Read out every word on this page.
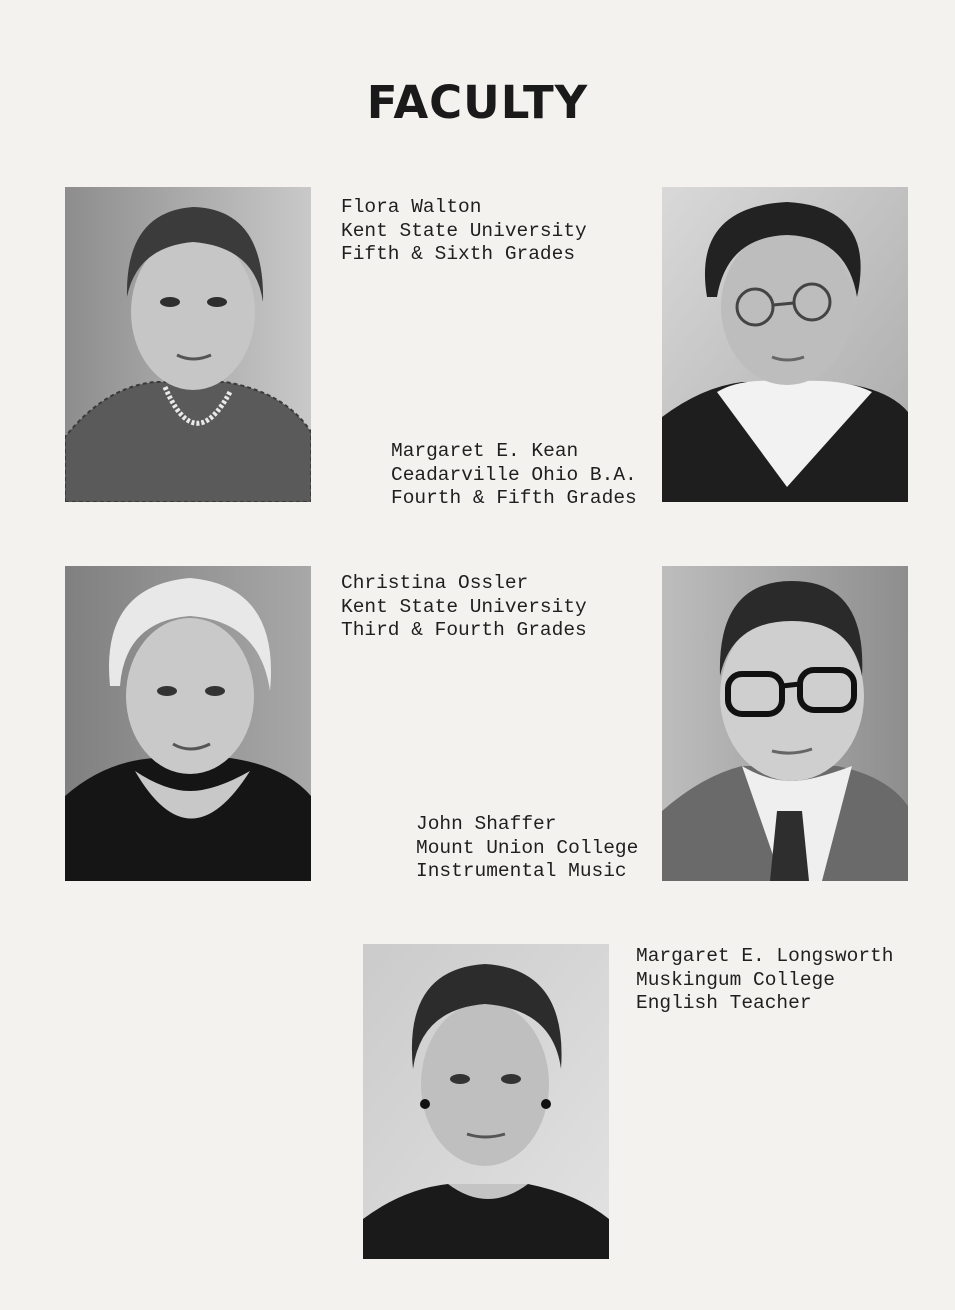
FACULTY
Flora Walton
Kent State University
Fifth & Sixth Grades
Margaret E. Kean
Ceadarville Ohio B.A.
Fourth & Fifth Grades
Christina Ossler
Kent State University
Third & Fourth Grades
John Shaffer
Mount Union College
Instrumental Music
Margaret E. Longsworth
Muskingum College
English Teacher
